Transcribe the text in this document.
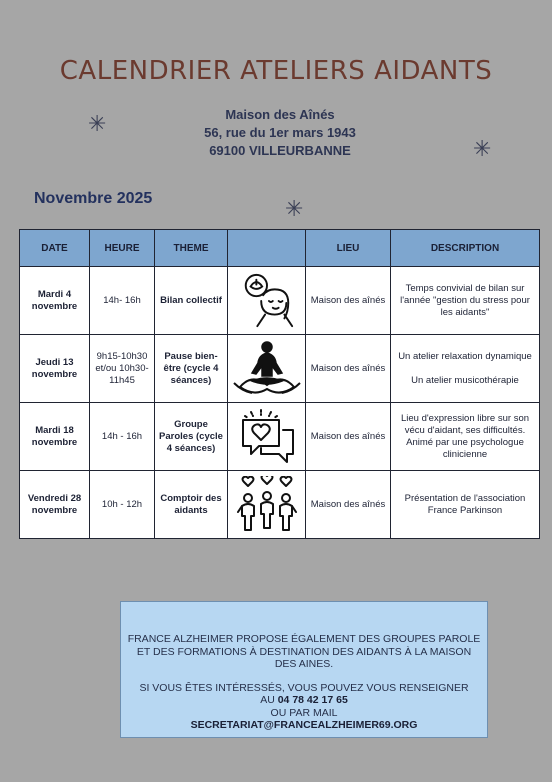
CALENDRIER ATELIERS AIDANTS
Maison des Aînés
56, rue du 1er mars 1943
69100 VILLEURBANNE
✳
✳
✳
Novembre 2025
DATE	HEURE	THEME		LIEU	DESCRIPTION
Mardi 4 novembre	14h- 16h	Bilan collectif		Maison des aînés	Temps convivial de bilan sur l'année "gestion du stress pour les aidants"

Jeudi 13 novembre	9h15-10h30 et/ou 10h30-11h45	Pause bien-être (cycle 4 séances)		Maison des aînés	Un atelier relaxation dynamique
Un atelier musicothérapie

Mardi 18 novembre	14h - 16h	Groupe Paroles (cycle 4 séances)		Maison des aînés	Lieu d'expression libre sur son vécu d'aidant, ses difficultés. Animé par une psychologue clinicienne

Vendredi 28 novembre	10h - 12h	Comptoir des aidants		Maison des aînés	Présentation de l'association France Parkinson
FRANCE ALZHEIMER PROPOSE ÉGALEMENT DES GROUPES PAROLE
ET DES FORMATIONS À DESTINATION DES AIDANTS À LA MAISON
DES AINES.
SI VOUS ÊTES INTÉRESSÉS, VOUS POUVEZ VOUS RENSEIGNER
AU 04 78 42 17 65
OU PAR MAIL
SECRETARIAT@FRANCEALZHEIMER69.ORG
